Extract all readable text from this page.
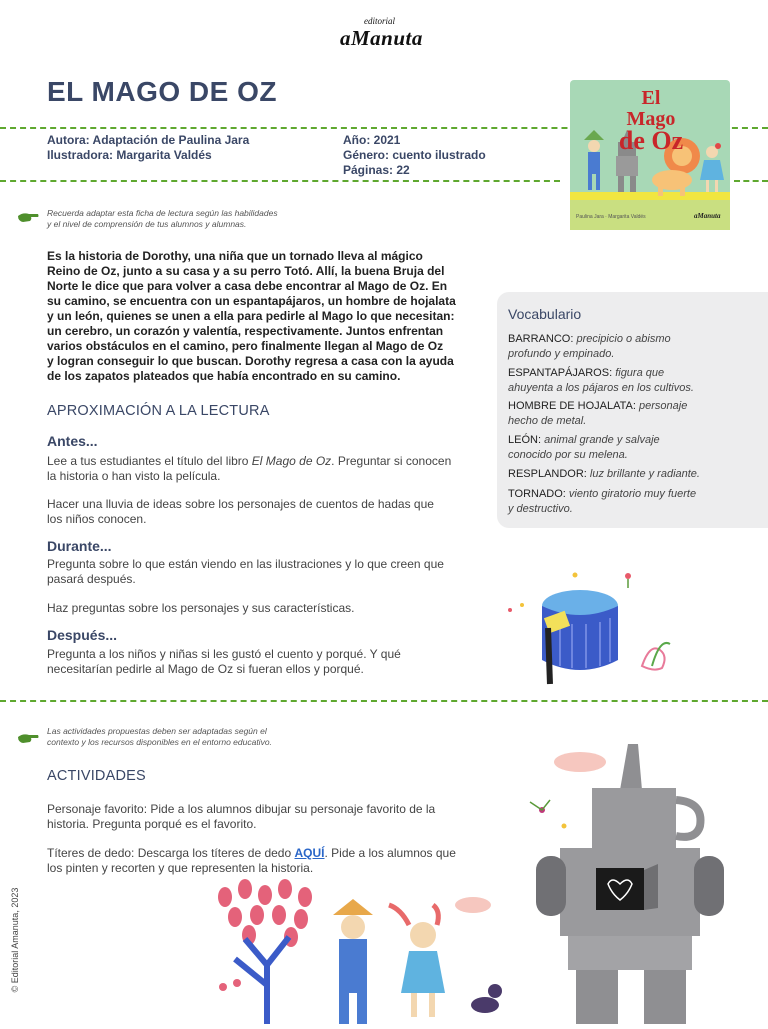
editorial
aManuta
EL MAGO DE OZ
Autora: Adaptación de Paulina Jara
Ilustradora: Margarita Valdés
Año: 2021
Género: cuento ilustrado
Páginas: 22
El Mago
de Oz
Paulina Jara · Margarita Valdés	aManuta
Recuerda adaptar esta ficha de lectura según las habilidades
y el nivel de comprensión de tus alumnos y alumnas.
Es la historia de Dorothy, una niña que un tornado lleva al mágico
Reino de Oz, junto a su casa y a su perro Totó. Allí, la buena Bruja del
Norte le dice que para volver a casa debe encontrar al Mago de Oz. En
su camino, se encuentra con un espantapájaros, un hombre de hojalata
y un león, quienes se unen a ella para pedirle al Mago lo que necesitan:
un cerebro, un corazón y valentía, respectivamente. Juntos enfrentan
varios obstáculos en el camino, pero finalmente llegan al Mago de Oz
y logran conseguir lo que buscan. Dorothy regresa a casa con la ayuda
de los zapatos plateados que había encontrado en su camino.
APROXIMACIÓN A LA LECTURA
Antes...
Lee a tus estudiantes el título del libro El Mago de Oz. Preguntar si conocen
la historia o han visto la película.
Hacer una lluvia de ideas sobre los personajes de cuentos de hadas que
los niños conocen.
Durante...
Pregunta sobre lo que están viendo en las ilustraciones y lo que creen que
pasará después.
Haz preguntas sobre los personajes y sus características.
Después...
Pregunta a los niños y niñas si les gustó el cuento y porqué. Y qué
necesitarían pedirle al Mago de Oz si fueran ellos y porqué.
Vocabulario
BARRANCO: precipicio o abismo
profundo y empinado.
ESPANTAPÁJAROS: figura que
ahuyenta a los pájaros en los cultivos.
HOMBRE DE HOJALATA: personaje
hecho de metal.
LEÓN: animal grande y salvaje
conocido por su melena.
RESPLANDOR: luz brillante y radiante.
TORNADO: viento giratorio muy fuerte
y destructivo.
Las actividades propuestas deben ser adaptadas según el
contexto y los recursos disponibles en el entorno educativo.
ACTIVIDADES
Personaje favorito: Pide a los alumnos dibujar su personaje favorito de la
historia. Pregunta porqué es el favorito.
Títeres de dedo: Descarga los títeres de dedo AQUÍ. Pide a los alumnos que
los pinten y recorten y que representen la historia.
© Editorial Amanuta, 2023
